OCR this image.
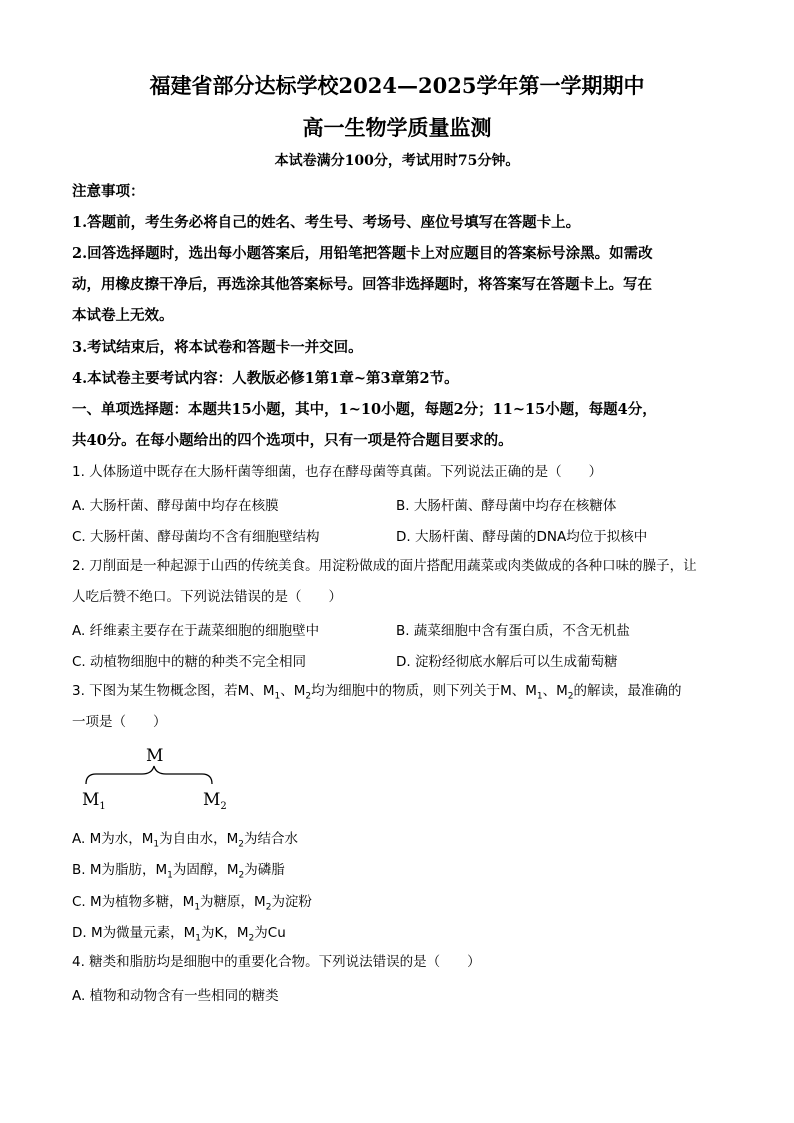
福建省部分达标学校2024—2025学年第一学期期中
高一生物学质量监测
本试卷满分100分，考试用时75分钟。
注意事项：
1.答题前，考生务必将自己的姓名、考生号、考场号、座位号填写在答题卡上。
2.回答选择题时，选出每小题答案后，用铅笔把答题卡上对应题目的答案标号涂黑。如需改
动，用橡皮擦干净后，再选涂其他答案标号。回答非选择题时，将答案写在答题卡上。写在
本试卷上无效。
3.考试结束后，将本试卷和答题卡一并交回。
4.本试卷主要考试内容：人教版必修1第1章~第3章第2节。
一、单项选择题：本题共15小题，其中，1~10小题，每题2分；11~15小题，每题4分，
共40分。在每小题给出的四个选项中，只有一项是符合题目要求的。
1. 人体肠道中既存在大肠杆菌等细菌，也存在酵母菌等真菌。下列说法正确的是（　　）
A. 大肠杆菌、酵母菌中均存在核膜	B. 大肠杆菌、酵母菌中均存在核糖体
C. 大肠杆菌、酵母菌均不含有细胞壁结构	D. 大肠杆菌、酵母菌的DNA均位于拟核中
2. 刀削面是一种起源于山西的传统美食。用淀粉做成的面片搭配用蔬菜或肉类做成的各种口味的臊子，让
人吃后赞不绝口。下列说法错误的是（　　）
A. 纤维素主要存在于蔬菜细胞的细胞壁中	B. 蔬菜细胞中含有蛋白质，不含无机盐
C. 动植物细胞中的糖的种类不完全相同	D. 淀粉经彻底水解后可以生成葡萄糖
3. 下图为某生物概念图，若M、$M_1$、$M_2$均为细胞中的物质，则下列关于M、$M_1$、$M_2$的解读，最准确的
一项是（　　）
M
$M_1$	$M_2$
A. M为水，$M_1$为自由水，$M_2$为结合水
B. M为脂肪，$M_1$为固醇，$M_2$为磷脂
C. M为植物多糖，$M_1$为糖原，$M_2$为淀粉
D. M为微量元素，$M_1$为K，$M_2$为Cu
4. 糖类和脂肪均是细胞中的重要化合物。下列说法错误的是（　　）
A. 植物和动物含有一些相同的糖类
